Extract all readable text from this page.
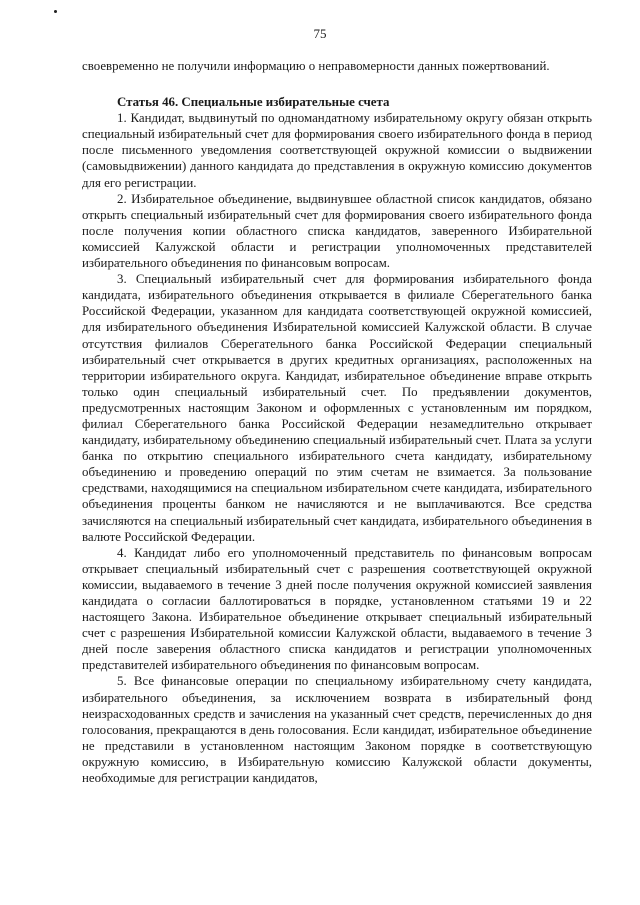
75

своевременно не получили информацию о неправомерности данных пожертвований.

Статья 46. Специальные избирательные счета

1. Кандидат, выдвинутый по одномандатному избирательному округу обязан открыть специальный избирательный счет для формирования своего избирательного фонда в период после письменного уведомления соответствующей окружной комиссии о выдвижении (самовыдвижении) данного кандидата до представления в окружную комиссию документов для его регистрации.

2. Избирательное объединение, выдвинувшее областной список кандидатов, обязано открыть специальный избирательный счет для формирования своего избирательного фонда после получения копии областного списка кандидатов, заверенного Избирательной комиссией Калужской области и регистрации уполномоченных представителей избирательного объединения по финансовым вопросам.

3. Специальный избирательный счет для формирования избирательного фонда кандидата, избирательного объединения открывается в филиале Сберегательного банка Российской Федерации, указанном для кандидата соответствующей окружной комиссией, для избирательного объединения Избирательной комиссией Калужской области. В случае отсутствия филиалов Сберегательного банка Российской Федерации специальный избирательный счет открывается в других кредитных организациях, расположенных на территории избирательного округа. Кандидат, избирательное объединение вправе открыть только один специальный избирательный счет. По предъявлении документов, предусмотренных настоящим Законом и оформленных с установленным им порядком, филиал Сберегательного банка Российской Федерации незамедлительно открывает кандидату, избирательному объединению специальный избирательный счет. Плата за услуги банка по открытию специального избирательного счета кандидату, избирательному объединению и проведению операций по этим счетам не взимается. За пользование средствами, находящимися на специальном избирательном счете кандидата, избирательного объединения проценты банком не начисляются и не выплачиваются. Все средства зачисляются на специальный избирательный счет кандидата, избирательного объединения в валюте Российской Федерации.

4. Кандидат либо его уполномоченный представитель по финансовым вопросам открывает специальный избирательный счет с разрешения соответствующей окружной комиссии, выдаваемого в течение 3 дней после получения окружной комиссией заявления кандидата о согласии баллотироваться в порядке, установленном статьями 19 и 22 настоящего Закона. Избирательное объединение открывает специальный избирательный счет с разрешения Избирательной комиссии Калужской области, выдаваемого в течение 3 дней после заверения областного списка кандидатов и регистрации уполномоченных представителей избирательного объединения по финансовым вопросам.

5. Все финансовые операции по специальному избирательному счету кандидата, избирательного объединения, за исключением возврата в избирательный фонд неизрасходованных средств и зачисления на указанный счет средств, перечисленных до дня голосования, прекращаются в день голосования. Если кандидат, избирательное объединение не представили в установленном настоящим Законом порядке в соответствующую окружную комиссию, в Избирательную комиссию Калужской области документы, необходимые для регистрации кандидатов,
